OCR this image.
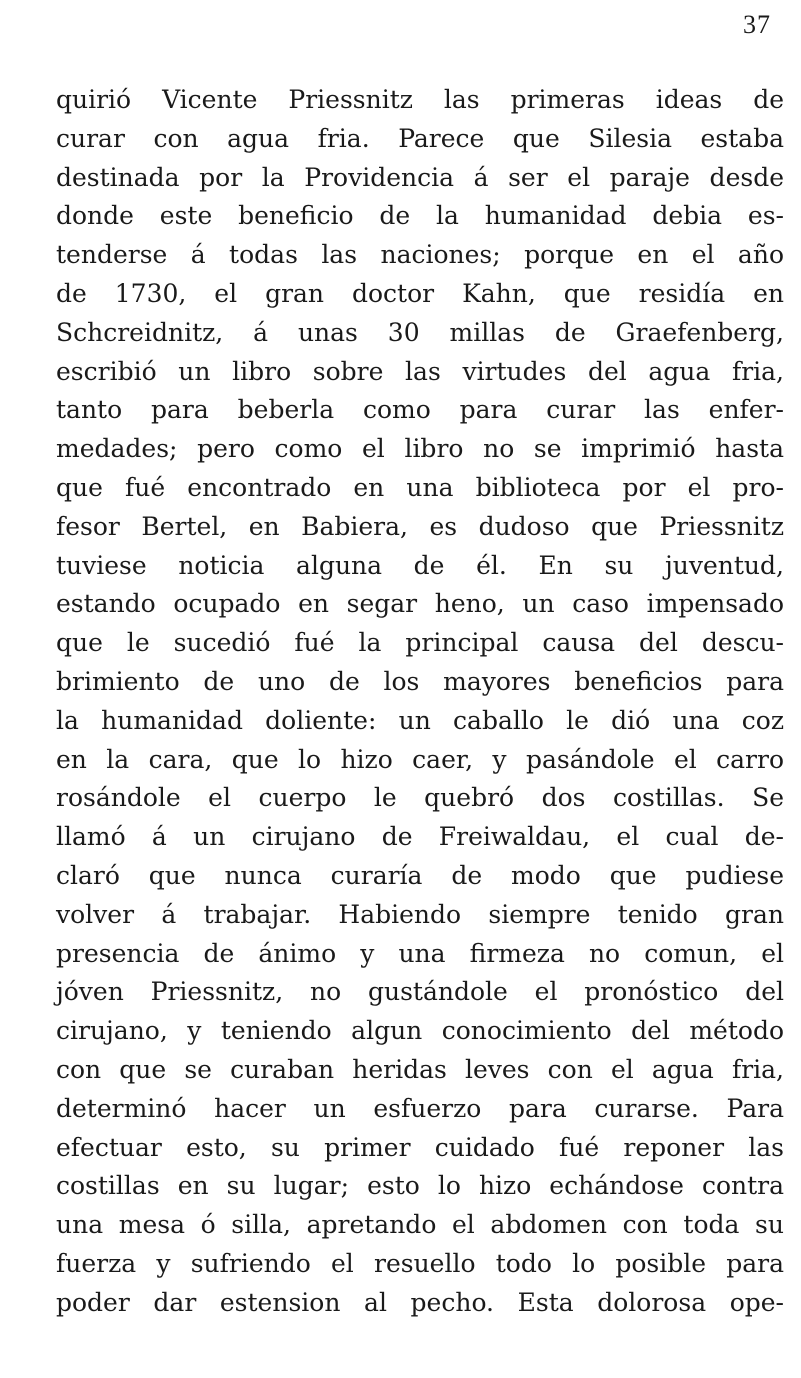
37
quirió Vicente Priessnitz las primeras ideas de
curar con agua fria. Parece que Silesia estaba
destinada por la Providencia á ser el paraje desde
donde este beneficio de la humanidad debia es-
tenderse á todas las naciones; porque en el año
de 1730, el gran doctor Kahn, que residía en
Schcreidnitz, á unas 30 millas de Graefenberg,
escribió un libro sobre las virtudes del agua fria,
tanto para beberla como para curar las enfer-
medades; pero como el libro no se imprimió hasta
que fué encontrado en una biblioteca por el pro-
fesor Bertel, en Babiera, es dudoso que Priessnitz
tuviese noticia alguna de él. En su juventud,
estando ocupado en segar heno, un caso impensado
que le sucedió fué la principal causa del descu-
brimiento de uno de los mayores beneficios para
la humanidad doliente: un caballo le dió una coz
en la cara, que lo hizo caer, y pasándole el carro
rosándole el cuerpo le quebró dos costillas. Se
llamó á un cirujano de Freiwaldau, el cual de-
claró que nunca curaría de modo que pudiese
volver á trabajar. Habiendo siempre tenido gran
presencia de ánimo y una firmeza no comun, el
jóven Priessnitz, no gustándole el pronóstico del
cirujano, y teniendo algun conocimiento del método
con que se curaban heridas leves con el agua fria,
determinó hacer un esfuerzo para curarse. Para
efectuar esto, su primer cuidado fué reponer las
costillas en su lugar; esto lo hizo echándose contra
una mesa ó silla, apretando el abdomen con toda su
fuerza y sufriendo el resuello todo lo posible para
poder dar estension al pecho. Esta dolorosa ope-
